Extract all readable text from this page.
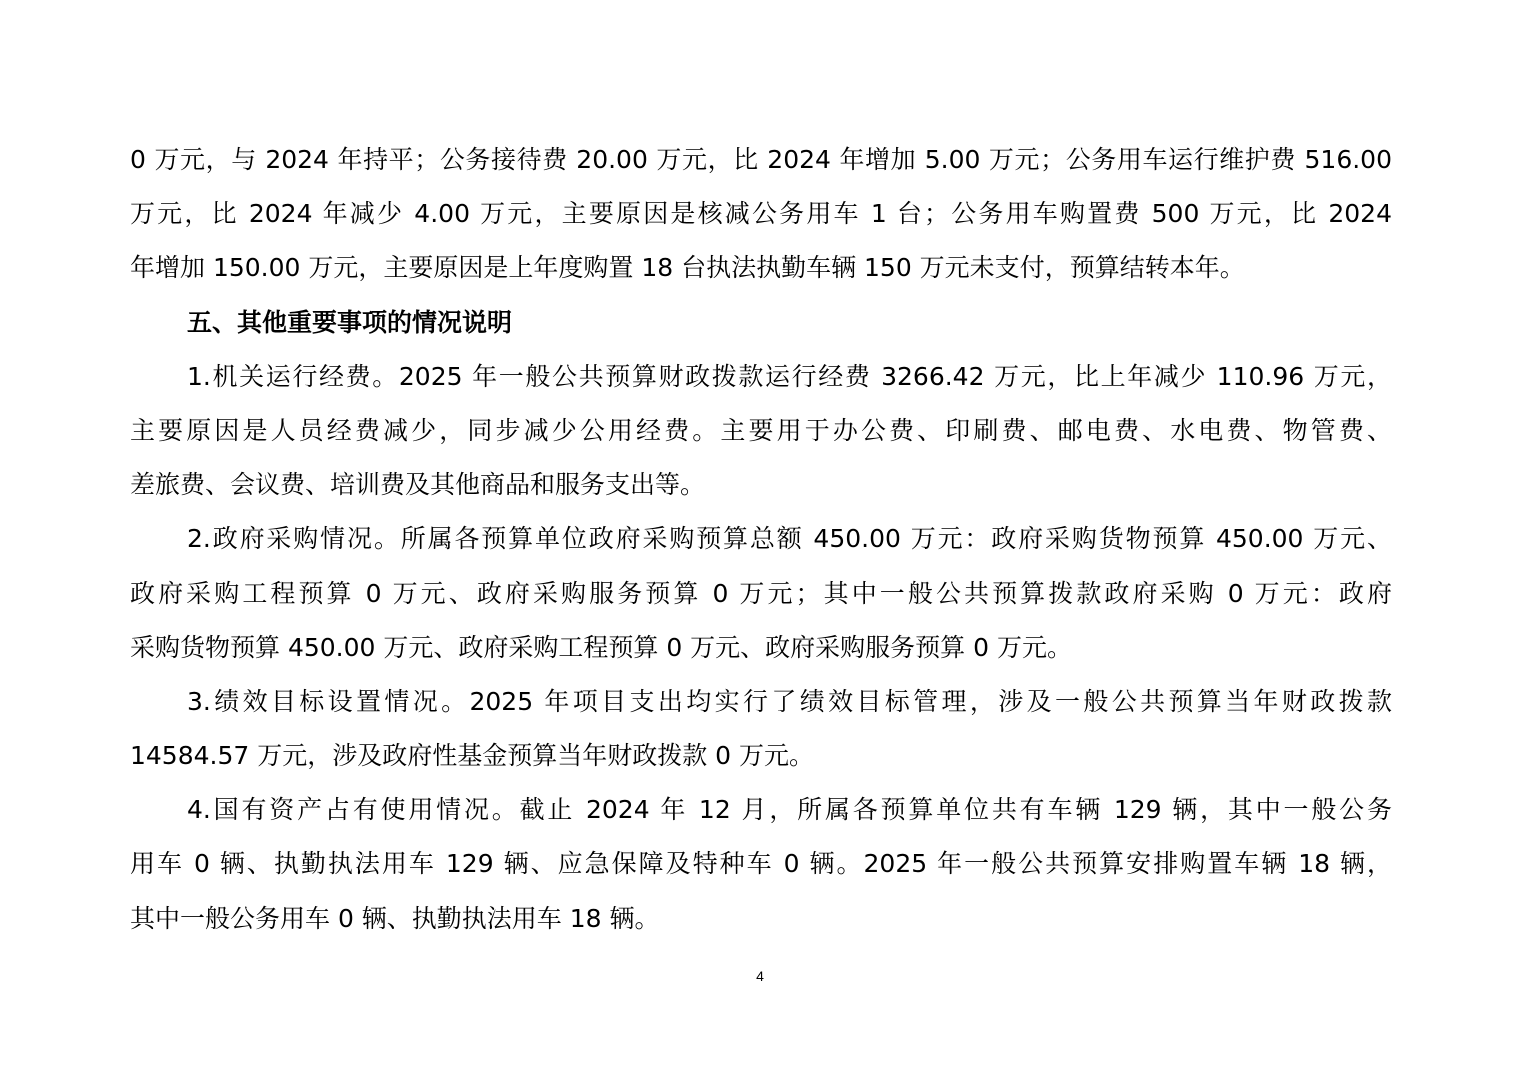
0 万元，与 2024 年持平；公务接待费 20.00 万元，比 2024 年增加 5.00 万元；公务用车运行维护费 516.00
万元，比 2024 年减少 4.00 万元，主要原因是核减公务用车 1 台；公务用车购置费 500 万元，比 2024
年增加 150.00 万元，主要原因是上年度购置 18 台执法执勤车辆 150 万元未支付，预算结转本年。
五、其他重要事项的情况说明
1.机关运行经费。2025 年一般公共预算财政拨款运行经费 3266.42 万元，比上年减少 110.96 万元，
主要原因是人员经费减少，同步减少公用经费。主要用于办公费、印刷费、邮电费、水电费、物管费、
差旅费、会议费、培训费及其他商品和服务支出等。
2.政府采购情况。所属各预算单位政府采购预算总额 450.00 万元：政府采购货物预算 450.00 万元、
政府采购工程预算 0 万元、政府采购服务预算 0 万元；其中一般公共预算拨款政府采购 0 万元：政府
采购货物预算 450.00 万元、政府采购工程预算 0 万元、政府采购服务预算 0 万元。
3.绩效目标设置情况。2025 年项目支出均实行了绩效目标管理，涉及一般公共预算当年财政拨款
14584.57 万元，涉及政府性基金预算当年财政拨款 0 万元。
4.国有资产占有使用情况。截止 2024 年 12 月，所属各预算单位共有车辆 129 辆，其中一般公务
用车 0 辆、执勤执法用车 129 辆、应急保障及特种车 0 辆。2025 年一般公共预算安排购置车辆 18 辆，
其中一般公务用车 0 辆、执勤执法用车 18 辆。
4
